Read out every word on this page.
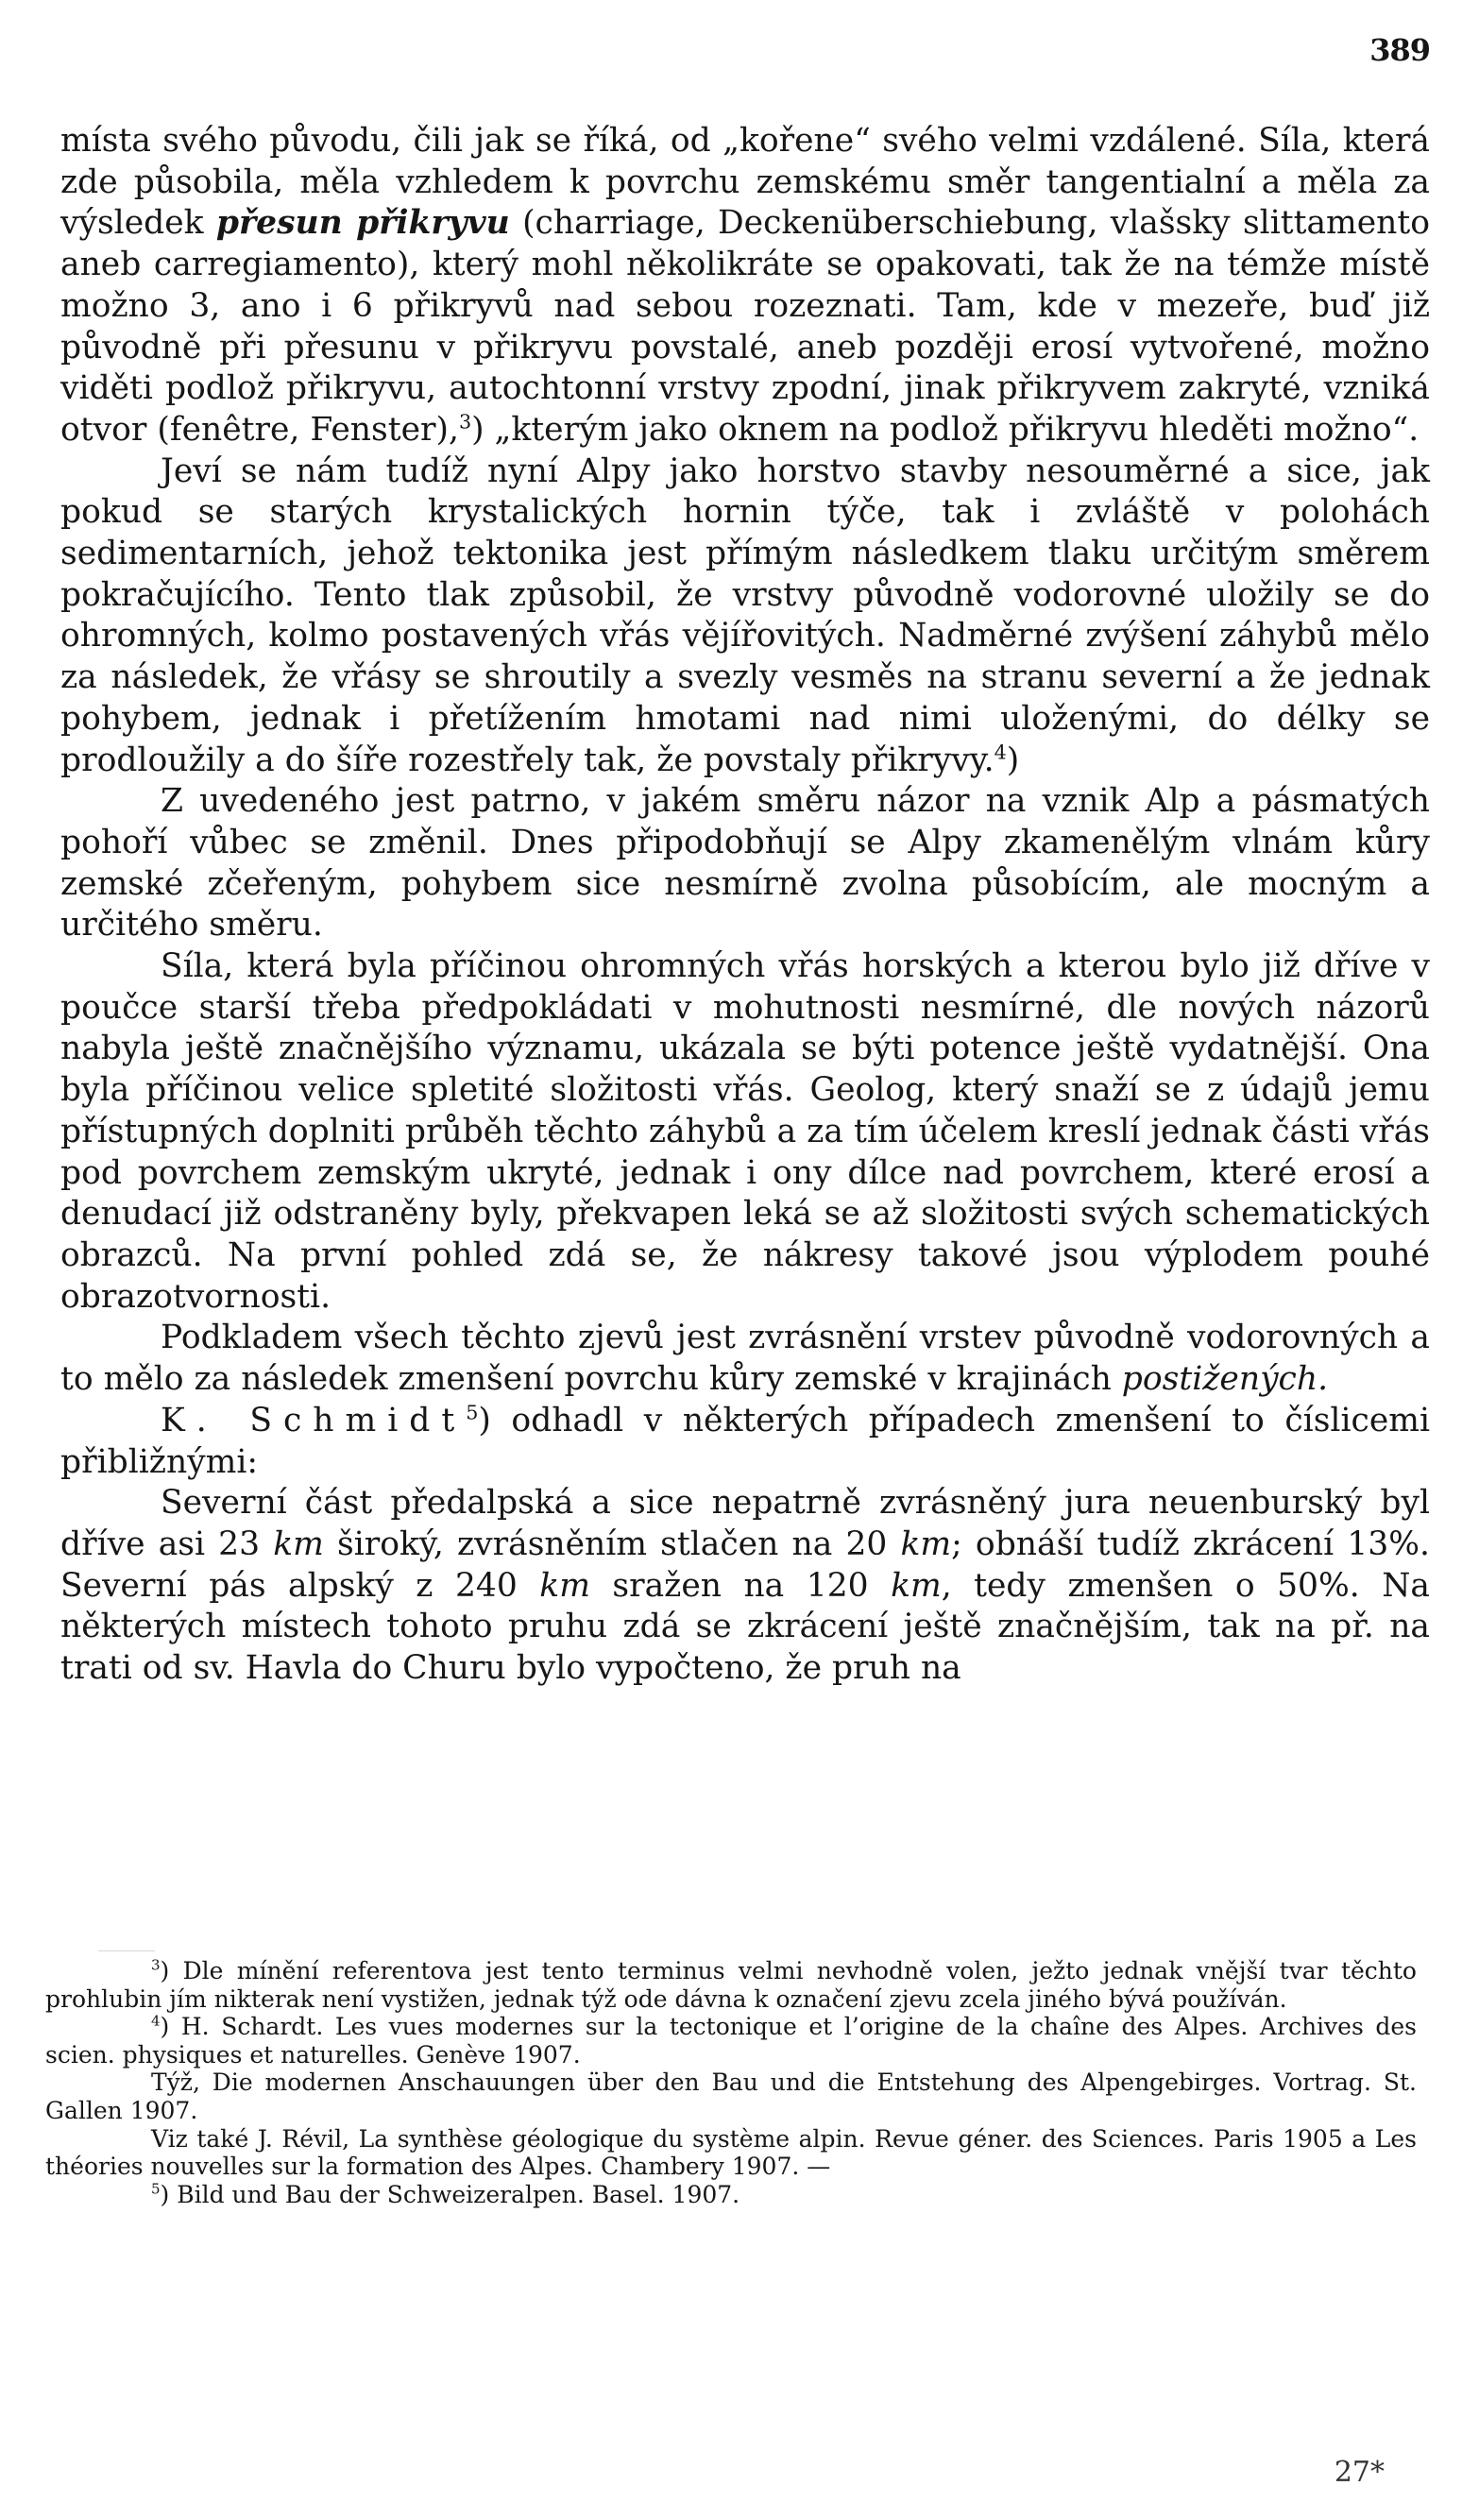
389

místa svého původu, čili jak se říká, od „kořene“ svého velmi vzdálené. Síla, která zde působila, měla vzhledem k povrchu zemskému směr tangentialní a měla za výsledek přesun přikryvu (charriage, Deckenüberschiebung, vlašsky slittamento aneb carregiamento), který mohl několikráte se opakovati, tak že na témže místě možno 3, ano i 6 přikryvů nad sebou rozeznati. Tam, kde v mezeře, buď již původně při přesunu v přikryvu povstalé, aneb později erosí vytvořené, možno viděti podlož přikryvu, autochtonní vrstvy zpodní, jinak přikryvem zakryté, vzniká otvor (fenêtre, Fenster),$^3$) „kterým jako oknem na podlož přikryvu hleděti možno“.

Jeví se nám tudíž nyní Alpy jako horstvo stavby nesouměrné a sice, jak pokud se starých krystalických hornin týče, tak i zvláště v polohách sedimentarních, jehož tektonika jest přímým následkem tlaku určitým směrem pokračujícího. Tento tlak způsobil, že vrstvy původně vodorovné uložily se do ohromných, kolmo postavených vřás vějířovitých. Nadměrné zvýšení záhybů mělo za následek, že vřásy se shroutily a svezly vesměs na stranu severní a že jednak pohybem, jednak i přetížením hmotami nad nimi uloženými, do délky se prodloužily a do šíře rozestřely tak, že povstaly přikryvy.$^4$)

Z uvedeného jest patrno, v jakém směru názor na vznik Alp a pásmatých pohoří vůbec se změnil. Dnes připodobňují se Alpy zkamenělým vlnám kůry zemské zčeřeným, pohybem sice nesmírně zvolna působícím, ale mocným a určitého směru.

Síla, která byla příčinou ohromných vřás horských a kterou bylo již dříve v poučce starší třeba předpokládati v mohutnosti nesmírné, dle nových názorů nabyla ještě značnějšího významu, ukázala se býti potence ještě vydatnější. Ona byla příčinou velice spletité složitosti vřás. Geolog, který snaží se z údajů jemu přístupných doplniti průběh těchto záhybů a za tím účelem kreslí jednak části vřás pod povrchem zemským ukryté, jednak i ony dílce nad povrchem, které erosí a denudací již odstraněny byly, překvapen leká se až složitosti svých schematických obrazců. Na první pohled zdá se, že nákresy takové jsou výplodem pouhé obrazotvornosti.

Podkladem všech těchto zjevů jest zvrásnění vrstev původně vodorovných a to mělo za následek zmenšení povrchu kůry zemské v krajinách postižených.

K. Schmidt$^5$) odhadl v některých případech zmenšení to číslicemi přibližnými:

Severní část předalpská a sice nepatrně zvrásněný jura neuenburský byl dříve asi 23 km široký, zvrásněním stlačen na 20 km; obnáší tudíž zkrácení 13%. Severní pás alpský z 240 km sražen na 120 km, tedy zmenšen o 50%. Na některých místech tohoto pruhu zdá se zkrácení ještě značnějším, tak na př. na trati od sv. Havla do Churu bylo vypočteno, že pruh na

$^3$) Dle mínění referentova jest tento terminus velmi nevhodně volen, ježto jednak vnější tvar těchto prohlubin jím nikterak není vystižen, jednak týž ode dávna k označení zjevu zcela jiného bývá používán.

$^4$) H. Schardt. Les vues modernes sur la tectonique et l’origine de la chaîne des Alpes. Archives des scien. physiques et naturelles. Genève 1907.

Týž, Die modernen Anschauungen über den Bau und die Entstehung des Alpengebirges. Vortrag. St. Gallen 1907.

Viz také J. Révil, La synthèse géologique du système alpin. Revue géner. des Sciences. Paris 1905 a Les théories nouvelles sur la formation des Alpes. Chambery 1907. —

$^5$) Bild und Bau der Schweizeralpen. Basel. 1907.

27*
